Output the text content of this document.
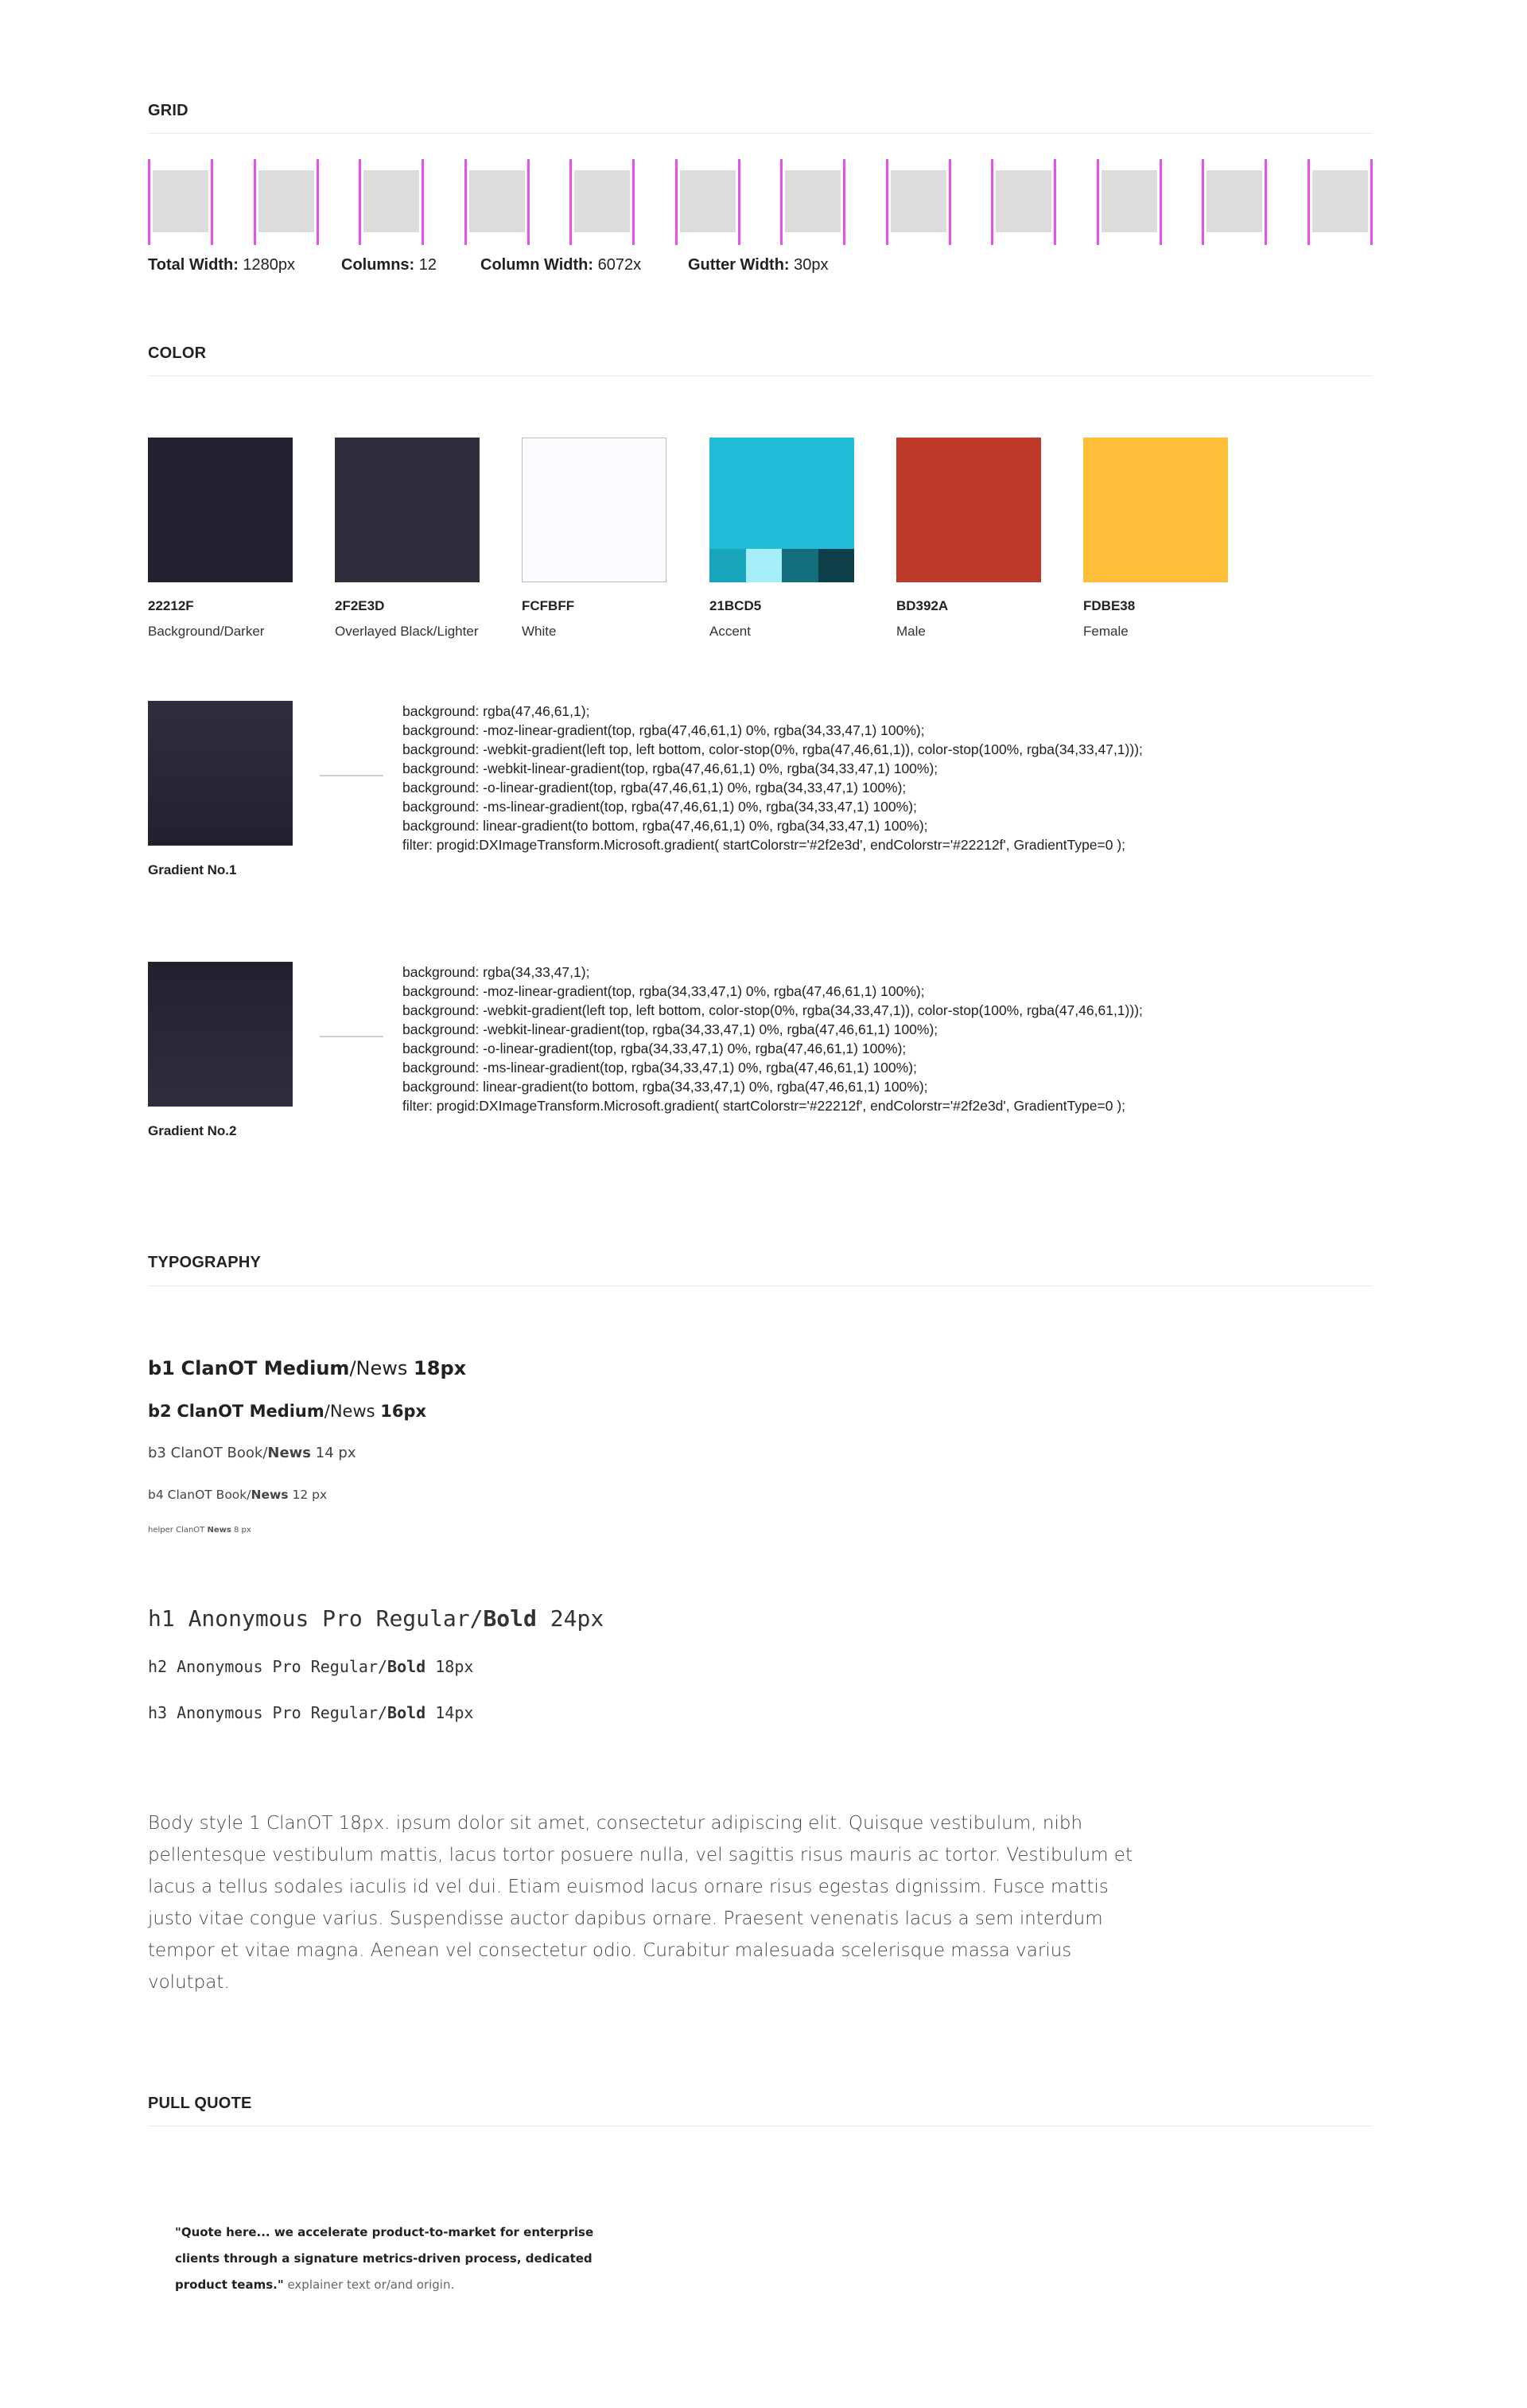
GRID
Total Width: 1280px	Columns: 12	Column Width: 6072x	Gutter Width: 30px
COLOR
22212F
Background/Darker
2F2E3D
Overlayed Black/Lighter
FCFBFF
White
21BCD5
Accent
BD392A
Male
FDBE38
Female
background: rgba(47,46,61,1);
background: -moz-linear-gradient(top, rgba(47,46,61,1) 0%, rgba(34,33,47,1) 100%);
background: -webkit-gradient(left top, left bottom, color-stop(0%, rgba(47,46,61,1)), color-stop(100%, rgba(34,33,47,1)));
background: -webkit-linear-gradient(top, rgba(47,46,61,1) 0%, rgba(34,33,47,1) 100%);
background: -o-linear-gradient(top, rgba(47,46,61,1) 0%, rgba(34,33,47,1) 100%);
background: -ms-linear-gradient(top, rgba(47,46,61,1) 0%, rgba(34,33,47,1) 100%);
background: linear-gradient(to bottom, rgba(47,46,61,1) 0%, rgba(34,33,47,1) 100%);
filter: progid:DXImageTransform.Microsoft.gradient( startColorstr='#2f2e3d', endColorstr='#22212f', GradientType=0 );
Gradient No.1
background: rgba(34,33,47,1);
background: -moz-linear-gradient(top, rgba(34,33,47,1) 0%, rgba(47,46,61,1) 100%);
background: -webkit-gradient(left top, left bottom, color-stop(0%, rgba(34,33,47,1)), color-stop(100%, rgba(47,46,61,1)));
background: -webkit-linear-gradient(top, rgba(34,33,47,1) 0%, rgba(47,46,61,1) 100%);
background: -o-linear-gradient(top, rgba(34,33,47,1) 0%, rgba(47,46,61,1) 100%);
background: -ms-linear-gradient(top, rgba(34,33,47,1) 0%, rgba(47,46,61,1) 100%);
background: linear-gradient(to bottom, rgba(34,33,47,1) 0%, rgba(47,46,61,1) 100%);
filter: progid:DXImageTransform.Microsoft.gradient( startColorstr='#22212f', endColorstr='#2f2e3d', GradientType=0 );
Gradient No.2
TYPOGRAPHY

b1 ClanOT Medium/News 18px

b2 ClanOT Medium/News 16px

b3 ClanOT Book/News 14 px

b4 ClanOT Book/News 12 px

helper ClanOT News 8 px

h1 Anonymous Pro Regular/Bold 24px

h2 Anonymous Pro Regular/Bold 18px

h3 Anonymous Pro Regular/Bold 14px

Body style 1 ClanOT 18px. ipsum dolor sit amet, consectetur adipiscing elit. Quisque vestibulum, nibh pellentesque vestibulum mattis, lacus tortor posuere nulla, vel sagittis risus mauris ac tortor. Vestibulum et lacus a tellus sodales iaculis id vel dui. Etiam euismod lacus ornare risus egestas dignissim. Fusce mattis justo vitae congue varius. Suspendisse auctor dapibus ornare. Praesent venenatis lacus a sem interdum tempor et vitae magna. Aenean vel consectetur odio. Curabitur malesuada scelerisque massa varius volutpat.

PULL QUOTE

"Quote here... we accelerate product-to-market for enterprise clients through a signature metrics-driven process, dedicated product teams." explainer text or/and origin.
